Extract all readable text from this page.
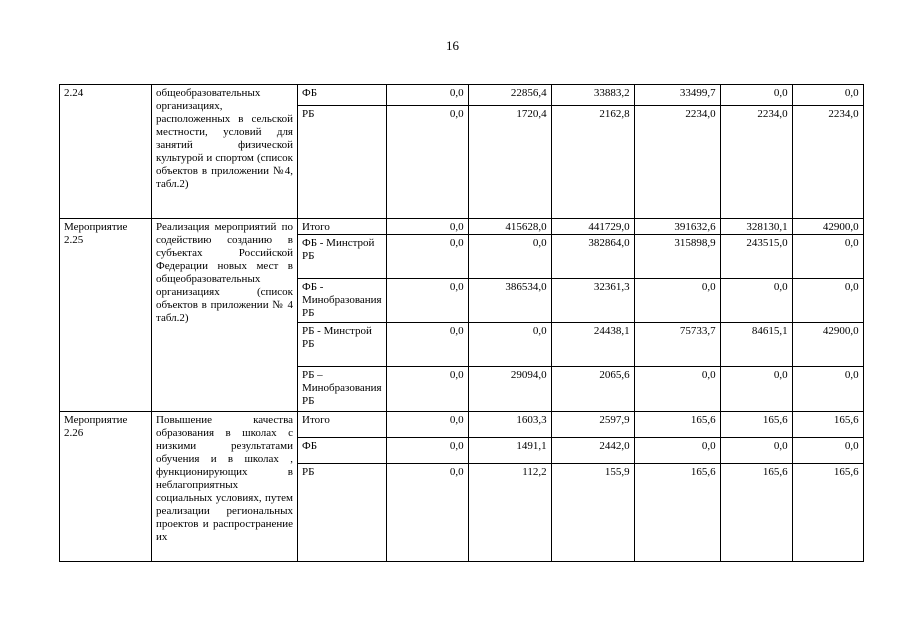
16
2.24	общеобразовательных организациях, расположенных в сельской местности, условий для занятий физической культурой и спортом (список объектов в приложении №4, табл.2)	ФБ	0,0	22856,4	33883,2	33499,7	0,0	0,0
		РБ	0,0	1720,4	2162,8	2234,0	2234,0	2234,0
Мероприятие 2.25	Реализация мероприятий по содействию созданию в субъектах Российской Федерации новых мест в общеобразовательных организациях (список объектов в приложении № 4 табл.2)	Итого	0,0	415628,0	441729,0	391632,6	328130,1	42900,0
		ФБ - Минстрой РБ	0,0	0,0	382864,0	315898,9	243515,0	0,0
		ФБ - Минобразования РБ	0,0	386534,0	32361,3	0,0	0,0	0,0
		РБ - Минстрой РБ	0,0	0,0	24438,1	75733,7	84615,1	42900,0
		РБ – Минобразования РБ	0,0	29094,0	2065,6	0,0	0,0	0,0
Мероприятие 2.26	Повышение качества образования в школах с низкими результатами обучения и в школах , функционирующих в неблагоприятных социальных условиях, путем реализации региональных проектов и распространение их	Итого	0,0	1603,3	2597,9	165,6	165,6	165,6
		ФБ	0,0	1491,1	2442,0	0,0	0,0	0,0
		РБ	0,0	112,2	155,9	165,6	165,6	165,6
